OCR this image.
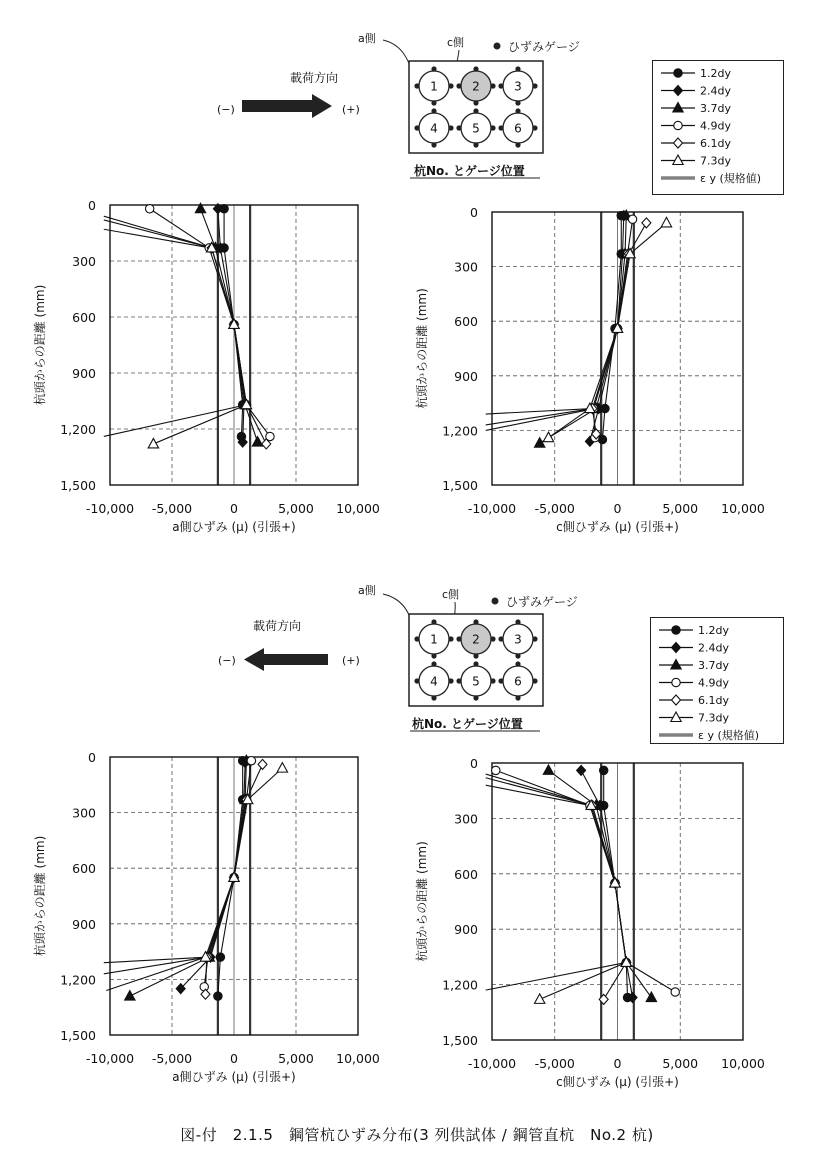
載荷方向
(−)	(+)
a側	c側	ひずみゲージ
1	2	3
4	5	6
杭No. とゲージ位置
載荷方向
(−)	(+)
a側	c側
ひずみゲージ
1	2	3
4	5	6
杭No. とゲージ位置
1.2dy
2.4dy
3.7dy
4.9dy
6.1dy
7.3dy
ε y (規格値)
1.2dy
2.4dy
3.7dy
4.9dy
6.1dy
7.3dy
ε y (規格値)
-10,000 -5,000	0	5,000 10,000
0
300
600
900
1,200
1,500
a側ひずみ (μ) (引張+)
杭頭からの距離 (mm)
-10,000 -5,000	0	5,000 10,000
0
300
600
900
1,200
1,500
c側ひずみ (μ) (引張+)
杭頭からの距離 (mm)
-10,000 -5,000	0	5,000 10,000
0
300
600
900
1,200
1,500
a側ひずみ (μ) (引張+)
杭頭からの距離 (mm)
-10,000 -5,000	0	5,000 10,000
0
300
600
900
1,200
1,500
c側ひずみ (μ) (引張+)
杭頭からの距離 (mm)
図-付　2.1.5　鋼管杭ひずみ分布(3 列供試体 / 鋼管直杭　No.2 杭)
